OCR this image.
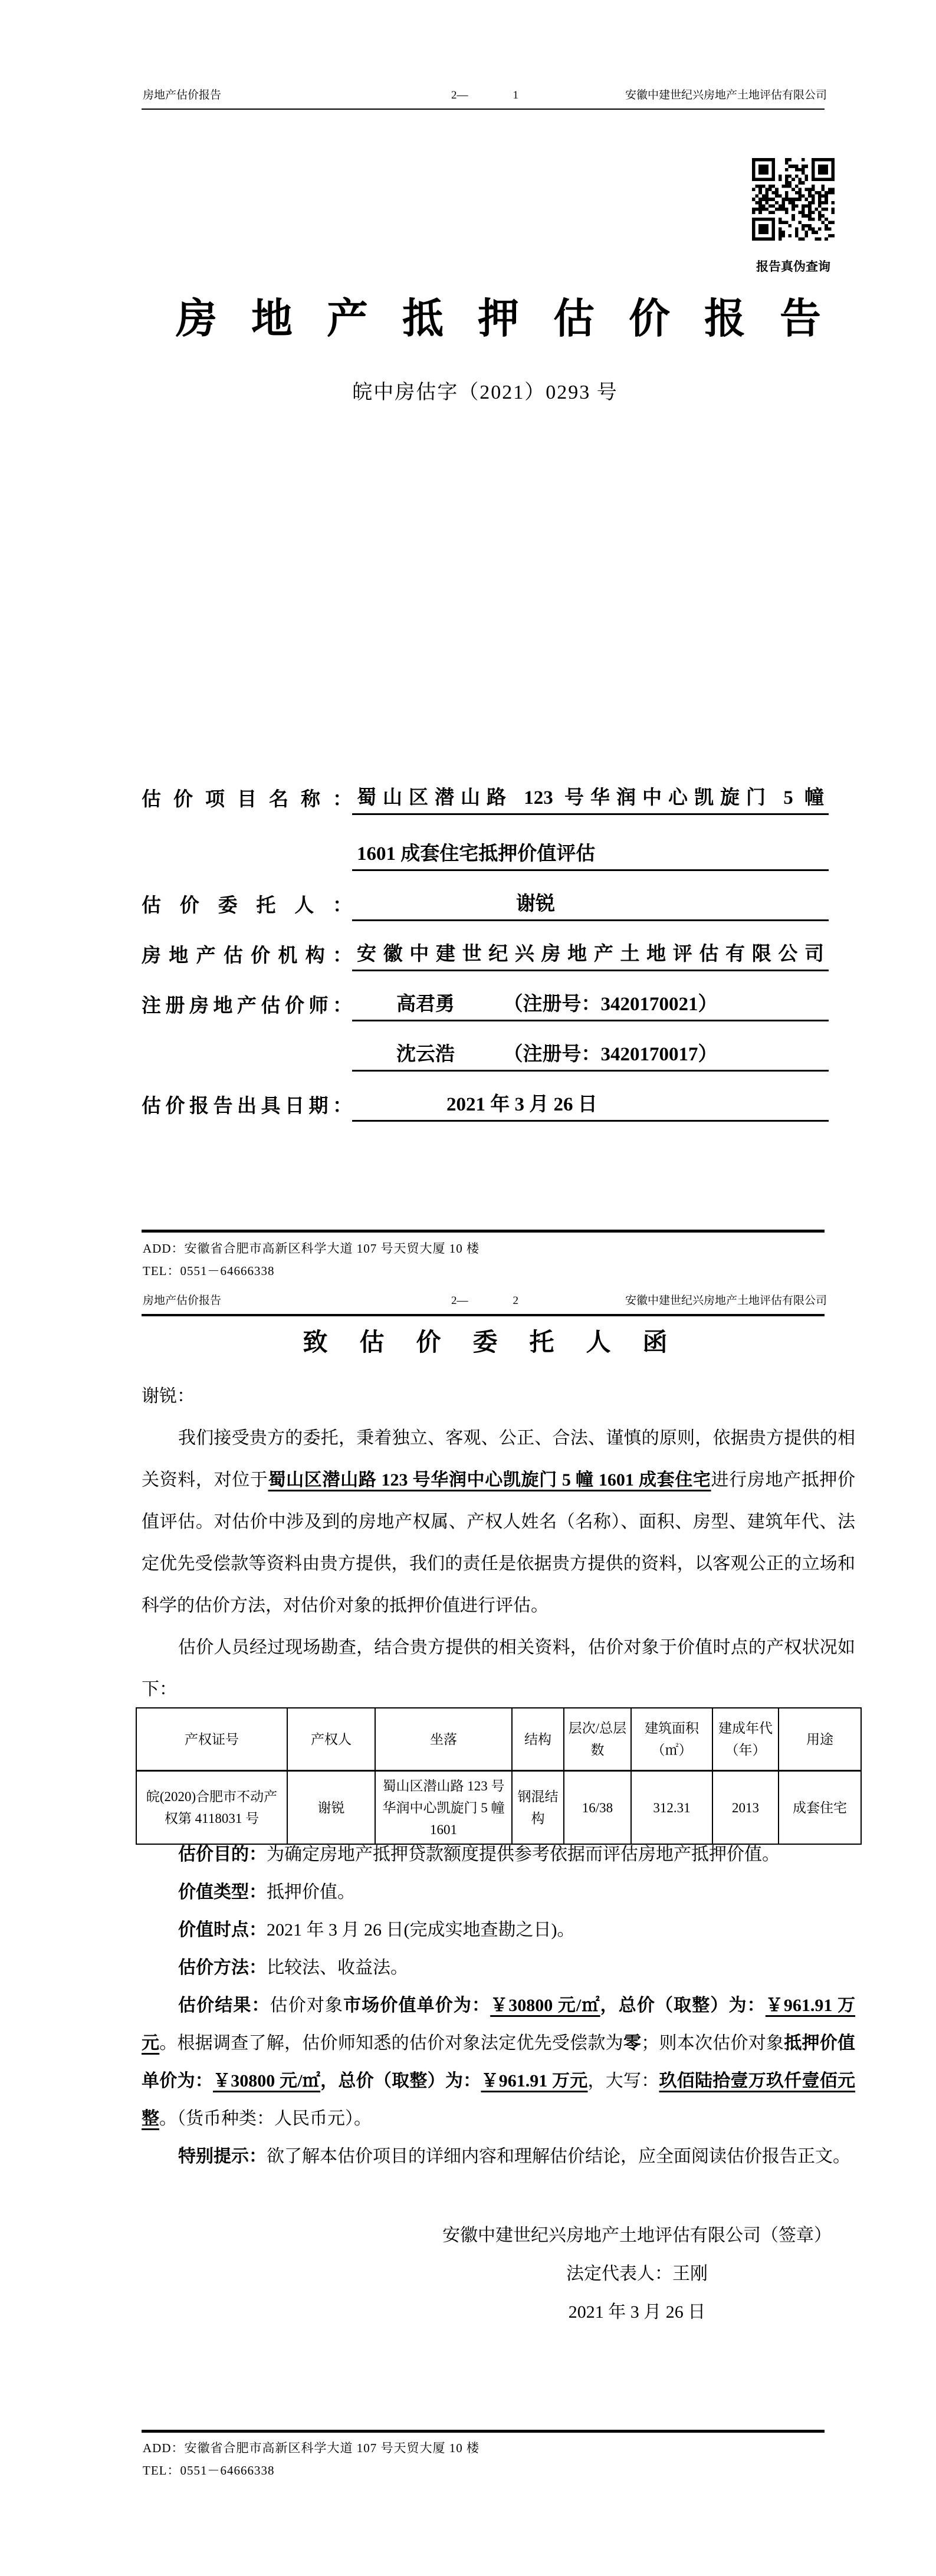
房地产估价报告	2—　　　　1	安徽中建世纪兴房地产土地评估有限公司
报告真伪查询
房地产抵押估价报告
皖中房估字（2021）0293 号
估价项目名称： 蜀山区潜山路 123 号华润中心凯旋门 5 幢
1601 成套住宅抵押价值评估
估价委托人：	谢锐
房地产估价机构： 安徽中建世纪兴房地产土地评估有限公司
注册房地产估价师：	高君勇　　　（注册号：3420170021）
沈云浩　　　（注册号：3420170017）
估价报告出具日期：	2021 年 3 月 26 日
ADD：安徽省合肥市高新区科学大道 107 号天贸大厦 10 楼
TEL：0551－64666338
房地产估价报告	2—　　　　2	安徽中建世纪兴房地产土地评估有限公司
致估价委托人函

谢锐：

我们接受贵方的委托，秉着独立、客观、公正、合法、谨慎的原则，依据贵方提供的相关资料，对位于蜀山区潜山路 123 号华润中心凯旋门 5 幢 1601 成套住宅进行房地产抵押价值评估。对估价中涉及到的房地产权属、产权人姓名（名称）、面积、房型、建筑年代、法定优先受偿款等资料由贵方提供，我们的责任是依据贵方提供的资料，以客观公正的立场和科学的估价方法，对估价对象的抵押价值进行评估。

估价人员经过现场勘查，结合贵方提供的相关资料，估价对象于价值时点的产权状况如下：

产权证号	产权人	坐落	结构	层次/总层数	建筑面积（㎡）	建成年代（年）	用途
皖(2020)合肥市不动产权第 4118031 号	谢锐	蜀山区潜山路 123 号华润中心凯旋门 5 幢 1601	钢混结构	16/38	312.31	2013	成套住宅

估价目的：为确定房地产抵押贷款额度提供参考依据而评估房地产抵押价值。

价值类型：抵押价值。

价值时点：2021 年 3 月 26 日(完成实地查勘之日)。

估价方法：比较法、收益法。

估价结果：估价对象市场价值单价为：￥30800 元/㎡，总价（取整）为：￥961.91 万元。根据调查了解，估价师知悉的估价对象法定优先受偿款为零；则本次估价对象抵押价值单价为：￥30800 元/㎡，总价（取整）为：￥961.91 万元，大写：玖佰陆拾壹万玖仟壹佰元整。（货币种类：人民币元）。

特别提示：欲了解本估价项目的详细内容和理解估价结论，应全面阅读估价报告正文。

安徽中建世纪兴房地产土地评估有限公司（签章）
法定代表人：王刚
2021 年 3 月 26 日
ADD：安徽省合肥市高新区科学大道 107 号天贸大厦 10 楼
TEL：0551－64666338
